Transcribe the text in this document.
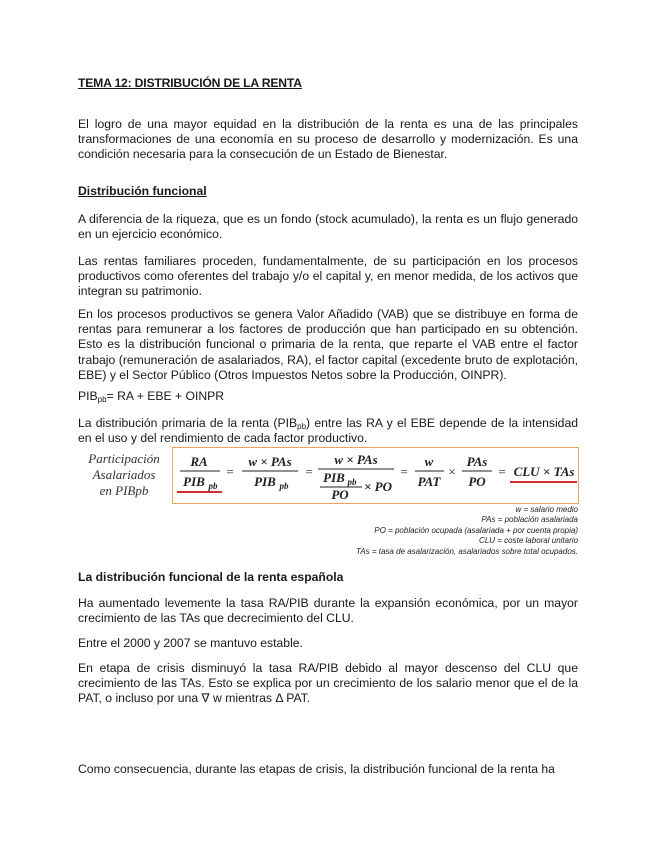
TEMA 12: DISTRIBUCIÓN DE LA RENTA

El logro de una mayor equidad en la distribución de la renta es una de las principales transformaciones de una economía en su proceso de desarrollo y modernización. Es una condición necesaria para la consecución de un Estado de Bienestar.

Distribución funcional

A diferencia de la riqueza, que es un fondo (stock acumulado), la renta es un flujo generado en un ejercicio económico.

Las rentas familiares proceden, fundamentalmente, de su participación en los procesos productivos como oferentes del trabajo y/o el capital y, en menor medida, de los activos que integran su patrimonio.

En los procesos productivos se genera Valor Añadido (VAB) que se distribuye en forma de rentas para remunerar a los factores de producción que han participado en su obtención. Esto es la distribución funcional o primaria de la renta, que reparte el VAB entre el factor trabajo (remuneración de asalariados, RA), el factor capital (excedente bruto de explotación, EBE) y el Sector Público (Otros Impuestos Netos sobre la Producción, OINPR).

$PIB_{pb}=$ RA + EBE + OINPR

La distribución primaria de la renta $(PIB_{pb})$ entre las RA y el EBE depende de la intensidad en el uso y del rendimiento de cada factor productivo.

Participación
Asalariados
en PIBpb
RA
PIB pb
=
w × PAs
PIB pb
=
w × PAs
PIB pb
PO
× PO
=
w
PAT
×
PAs
PO
= CLU × TAs
w = salario medio
PAs = población asalariada
PO = población ocupada (asalariada + por cuenta propia)
CLU = coste laboral unitario
TAs = tasa de asalarización, asalariados sobre total ocupados.

La distribución funcional de la renta española

Ha aumentado levemente la tasa RA/PIB durante la expansión económica, por un mayor crecimiento de las TAs que decrecimiento del CLU.

Entre el 2000 y 2007 se mantuvo estable.

En etapa de crisis disminuyó la tasa RA/PIB debido al mayor descenso del CLU que crecimiento de las TAs. Esto se explica por un crecimiento de los salario menor que el de la PAT, o incluso por una ∇ w mientras Δ PAT.

Como consecuencia, durante las etapas de crisis, la distribución funcional de la renta ha
